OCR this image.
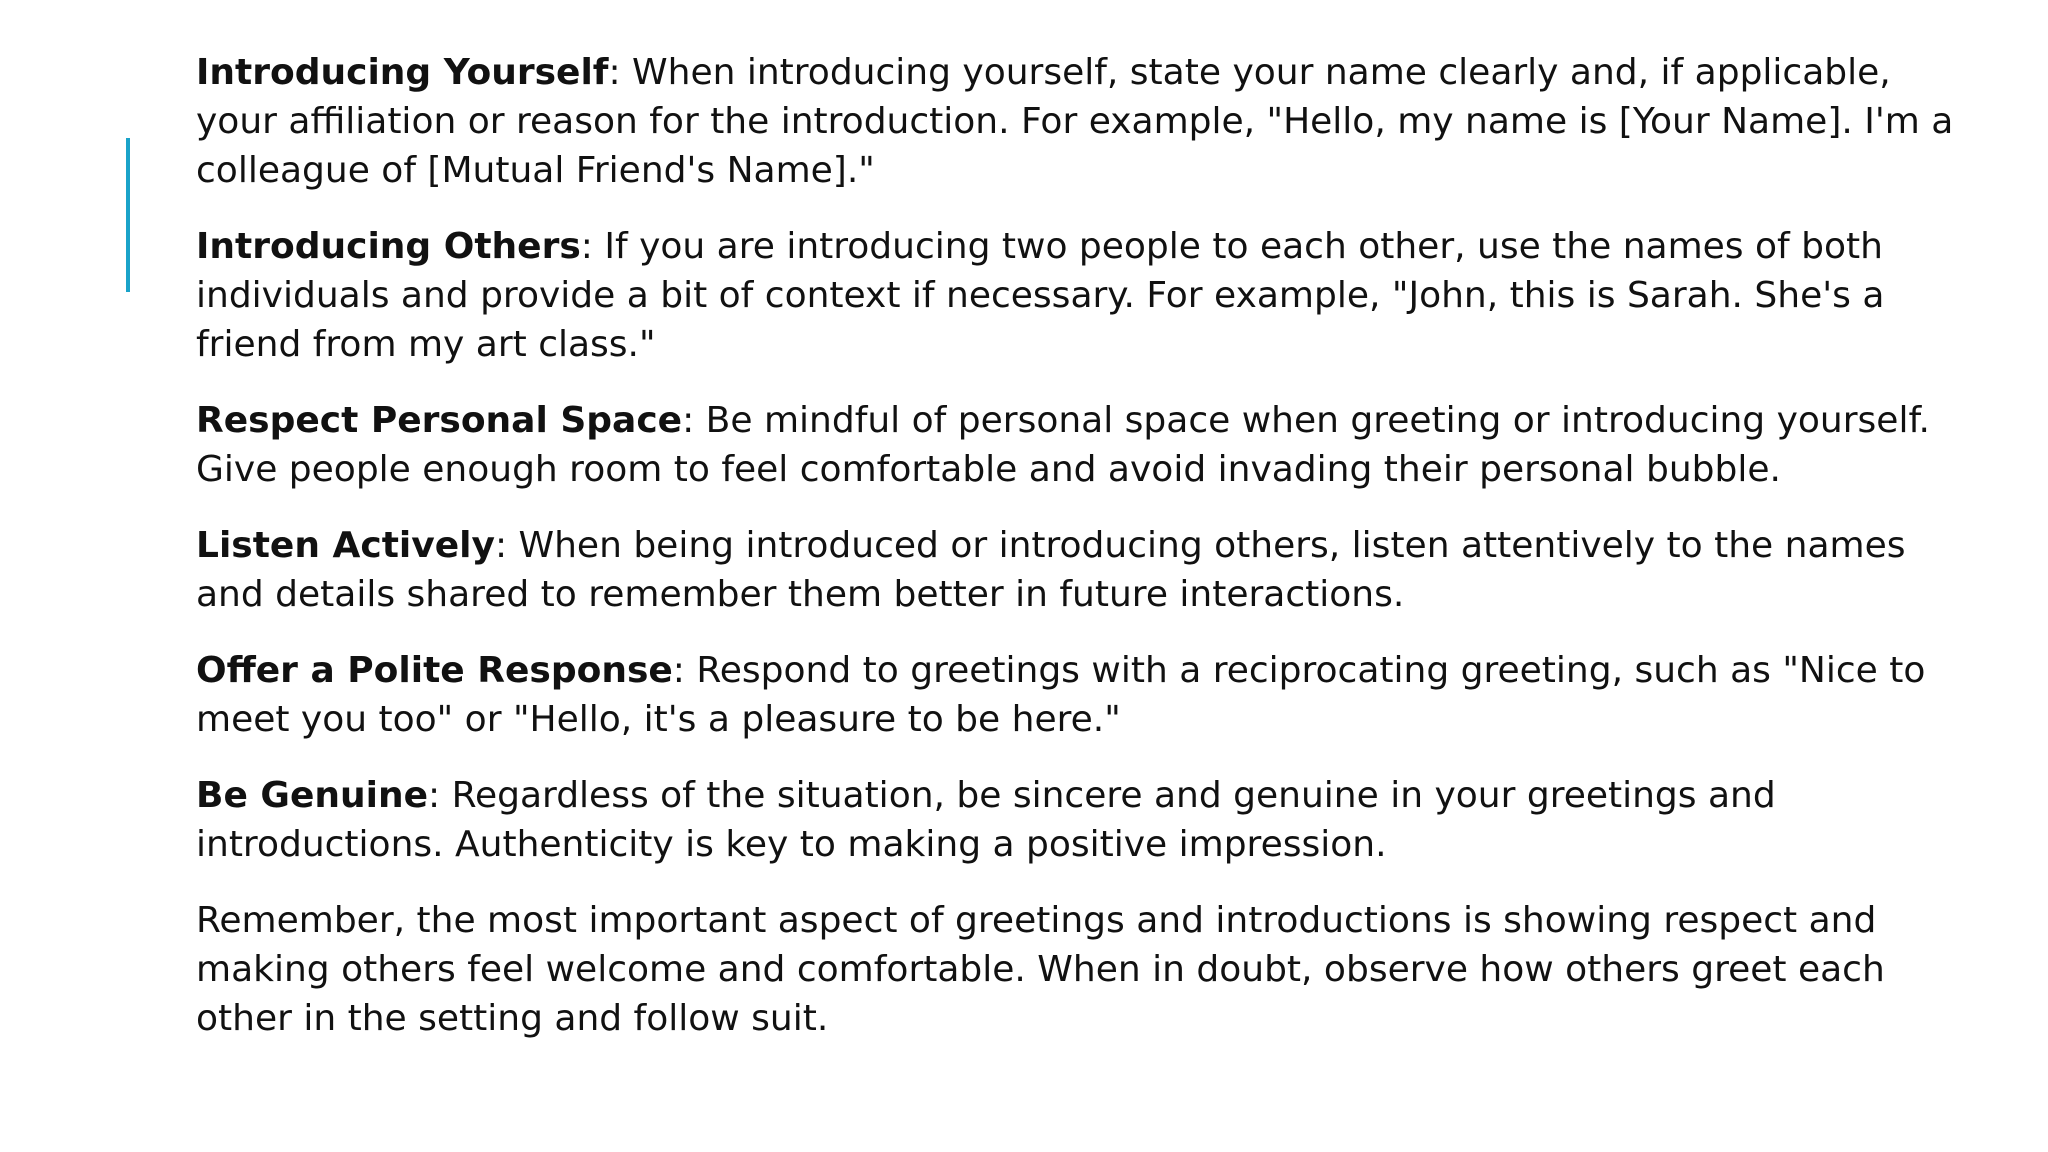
Introducing Yourself: When introducing yourself, state your name clearly and, if applicable, your affiliation or reason for the introduction. For example, "Hello, my name is [Your Name]. I'm a colleague of [Mutual Friend's Name]."

Introducing Others: If you are introducing two people to each other, use the names of both individuals and provide a bit of context if necessary. For example, "John, this is Sarah. She's a friend from my art class."

Respect Personal Space: Be mindful of personal space when greeting or introducing yourself. Give people enough room to feel comfortable and avoid invading their personal bubble.

Listen Actively: When being introduced or introducing others, listen attentively to the names and details shared to remember them better in future interactions.

Offer a Polite Response: Respond to greetings with a reciprocating greeting, such as "Nice to meet you too" or "Hello, it's a pleasure to be here."

Be Genuine: Regardless of the situation, be sincere and genuine in your greetings and introductions. Authenticity is key to making a positive impression.

Remember, the most important aspect of greetings and introductions is showing respect and making others feel welcome and comfortable. When in doubt, observe how others greet each other in the setting and follow suit.
